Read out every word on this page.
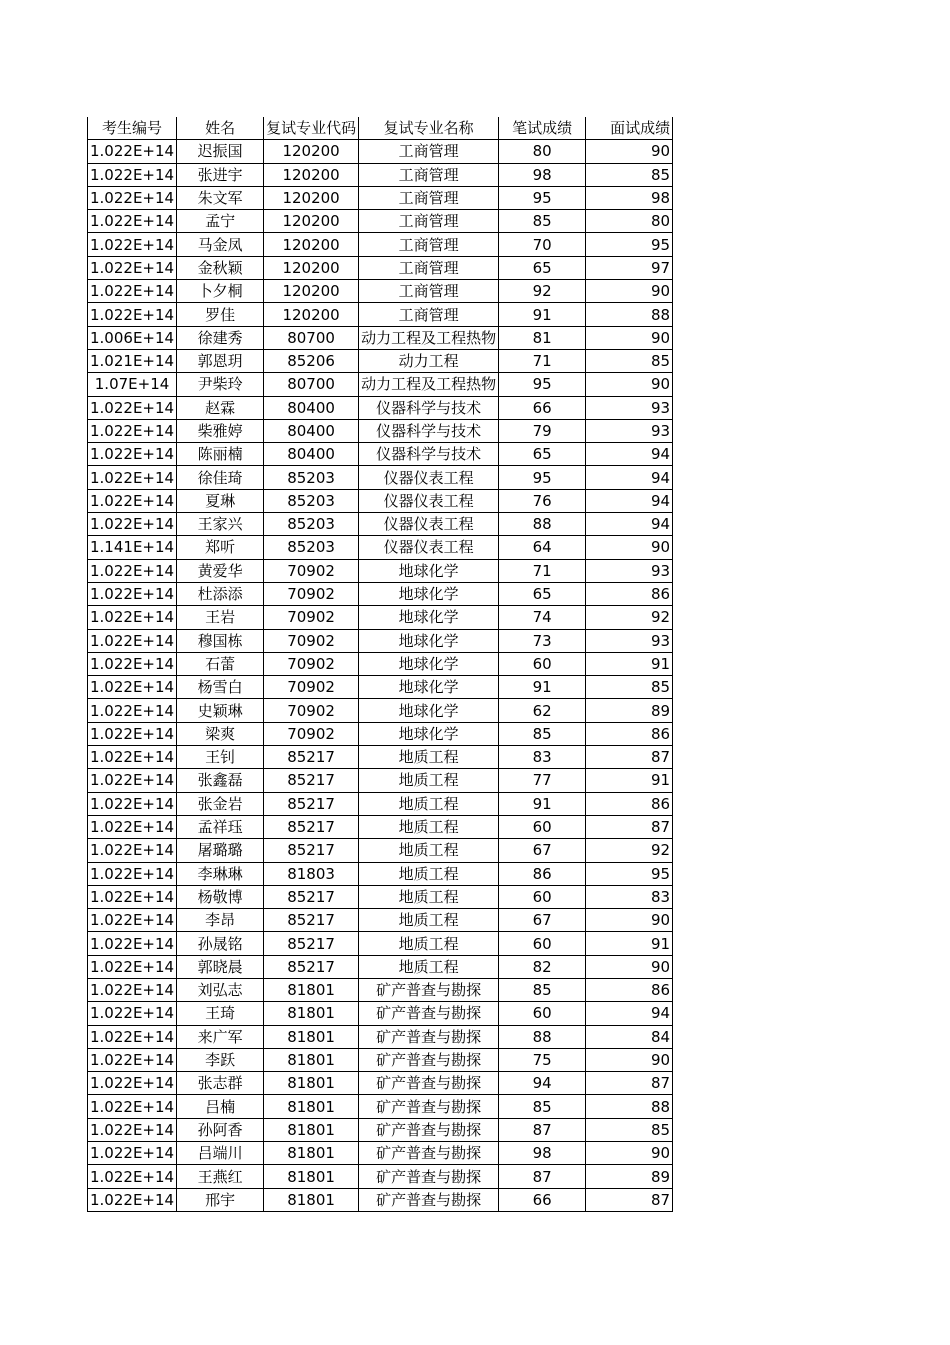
考生编号	姓名	复试专业代码	复试专业名称	笔试成绩	面试成绩
1.022E+14	迟振国	120200	工商管理	80	90
1.022E+14	张进宇	120200	工商管理	98	85
1.022E+14	朱文军	120200	工商管理	95	98
1.022E+14	孟宁	120200	工商管理	85	80
1.022E+14	马金凤	120200	工商管理	70	95
1.022E+14	金秋颖	120200	工商管理	65	97
1.022E+14	卜夕桐	120200	工商管理	92	90
1.022E+14	罗佳	120200	工商管理	91	88
1.006E+14	徐建秀	80700	动力工程及工程热物	81	90
1.021E+14	郭恩玥	85206	动力工程	71	85
1.07E+14	尹柴玲	80700	动力工程及工程热物	95	90
1.022E+14	赵霖	80400	仪器科学与技术	66	93
1.022E+14	柴雅婷	80400	仪器科学与技术	79	93
1.022E+14	陈丽楠	80400	仪器科学与技术	65	94
1.022E+14	徐佳琦	85203	仪器仪表工程	95	94
1.022E+14	夏琳	85203	仪器仪表工程	76	94
1.022E+14	王家兴	85203	仪器仪表工程	88	94
1.141E+14	郑听	85203	仪器仪表工程	64	90
1.022E+14	黄爱华	70902	地球化学	71	93
1.022E+14	杜添添	70902	地球化学	65	86
1.022E+14	王岩	70902	地球化学	74	92
1.022E+14	穆国栋	70902	地球化学	73	93
1.022E+14	石蕾	70902	地球化学	60	91
1.022E+14	杨雪白	70902	地球化学	91	85
1.022E+14	史颖琳	70902	地球化学	62	89
1.022E+14	梁爽	70902	地球化学	85	86
1.022E+14	王钊	85217	地质工程	83	87
1.022E+14	张鑫磊	85217	地质工程	77	91
1.022E+14	张金岩	85217	地质工程	91	86
1.022E+14	孟祥珏	85217	地质工程	60	87
1.022E+14	屠璐璐	85217	地质工程	67	92
1.022E+14	李琳琳	81803	地质工程	86	95
1.022E+14	杨敬博	85217	地质工程	60	83
1.022E+14	李昂	85217	地质工程	67	90
1.022E+14	孙晟铭	85217	地质工程	60	91
1.022E+14	郭晓晨	85217	地质工程	82	90
1.022E+14	刘弘志	81801	矿产普查与勘探	85	86
1.022E+14	王琦	81801	矿产普查与勘探	60	94
1.022E+14	来广军	81801	矿产普查与勘探	88	84
1.022E+14	李跃	81801	矿产普查与勘探	75	90
1.022E+14	张志群	81801	矿产普查与勘探	94	87
1.022E+14	吕楠	81801	矿产普查与勘探	85	88
1.022E+14	孙阿香	81801	矿产普查与勘探	87	85
1.022E+14	吕端川	81801	矿产普查与勘探	98	90
1.022E+14	王燕红	81801	矿产普查与勘探	87	89
1.022E+14	邢宇	81801	矿产普查与勘探	66	87
